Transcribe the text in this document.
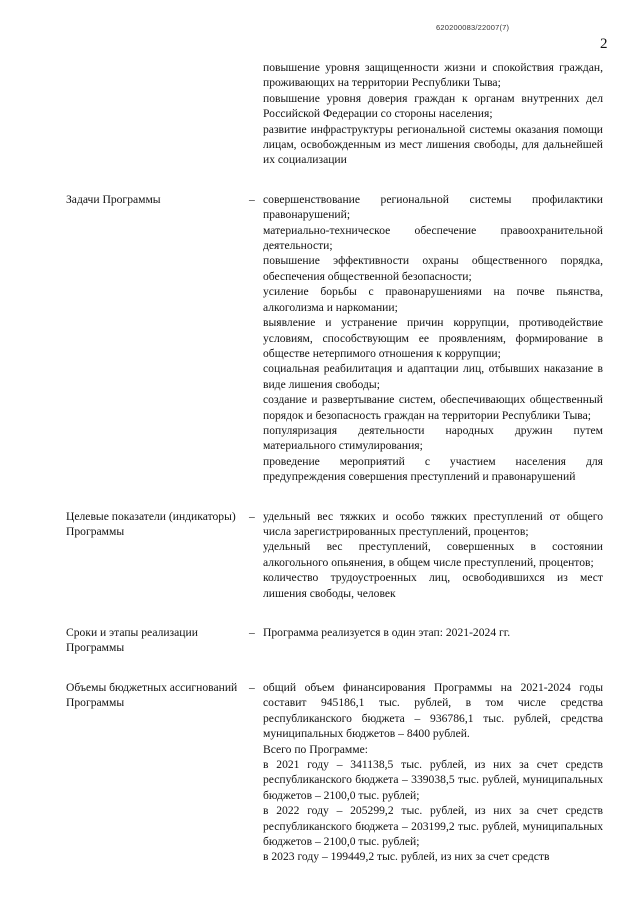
620200083/22007(7)
2

повышение уровня защищенности жизни и спокойствия граждан, проживающих на территории Республики Тыва;

повышение уровня доверия граждан к органам внутренних дел Российской Федерации со стороны населения;

развитие инфраструктуры региональной системы оказания помощи лицам, освобожденным из мест лишения свободы, для дальнейшей их социализации

Задачи Программы	– совершенствование региональной системы профилактики правонарушений;

материально-техническое обеспечение правоохранительной деятельности;

повышение эффективности охраны общественного порядка, обеспечения общественной безопасности;

усиление борьбы с правонарушениями на почве пьянства, алкоголизма и наркомании;

выявление и устранение причин коррупции, противодействие условиям, способствующим ее проявлениям, формирование в обществе нетерпимого отношения к коррупции;

социальная реабилитация и адаптации лиц, отбывших наказание в виде лишения свободы;

создание и развертывание систем, обеспечивающих общественный порядок и безопасность граждан на территории Республики Тыва;

популяризация деятельности народных дружин путем материального стимулирования;

проведение мероприятий с участием населения для предупреждения совершения преступлений и правонарушений

Целевые показатели (индикаторы) Программы
– удельный вес тяжких и особо тяжких преступлений от общего числа зарегистрированных преступлений, процентов;

удельный вес преступлений, совершенных в состоянии алкогольного опьянения, в общем числе преступлений, процентов;

количество трудоустроенных лиц, освободившихся из мест лишения свободы, человек

Сроки и этапы реализации Программы
– Программа реализуется в один этап: 2021-2024 гг.

Объемы бюджетных ассигнований Программы
– общий объем финансирования Программы на 2021-2024 годы составит 945186,1 тыс. рублей, в том числе средства республиканского бюджета – 936786,1 тыс. рублей, средства муниципальных бюджетов – 8400 рублей.

Всего по Программе:

в 2021 году – 341138,5 тыс. рублей, из них за счет средств республиканского бюджета – 339038,5 тыс. рублей, муниципальных бюджетов – 2100,0 тыс. рублей;

в 2022 году – 205299,2 тыс. рублей, из них за счет средств республиканского бюджета – 203199,2 тыс. рублей, муниципальных бюджетов – 2100,0 тыс. рублей;

в 2023 году – 199449,2 тыс. рублей, из них за счет средств
